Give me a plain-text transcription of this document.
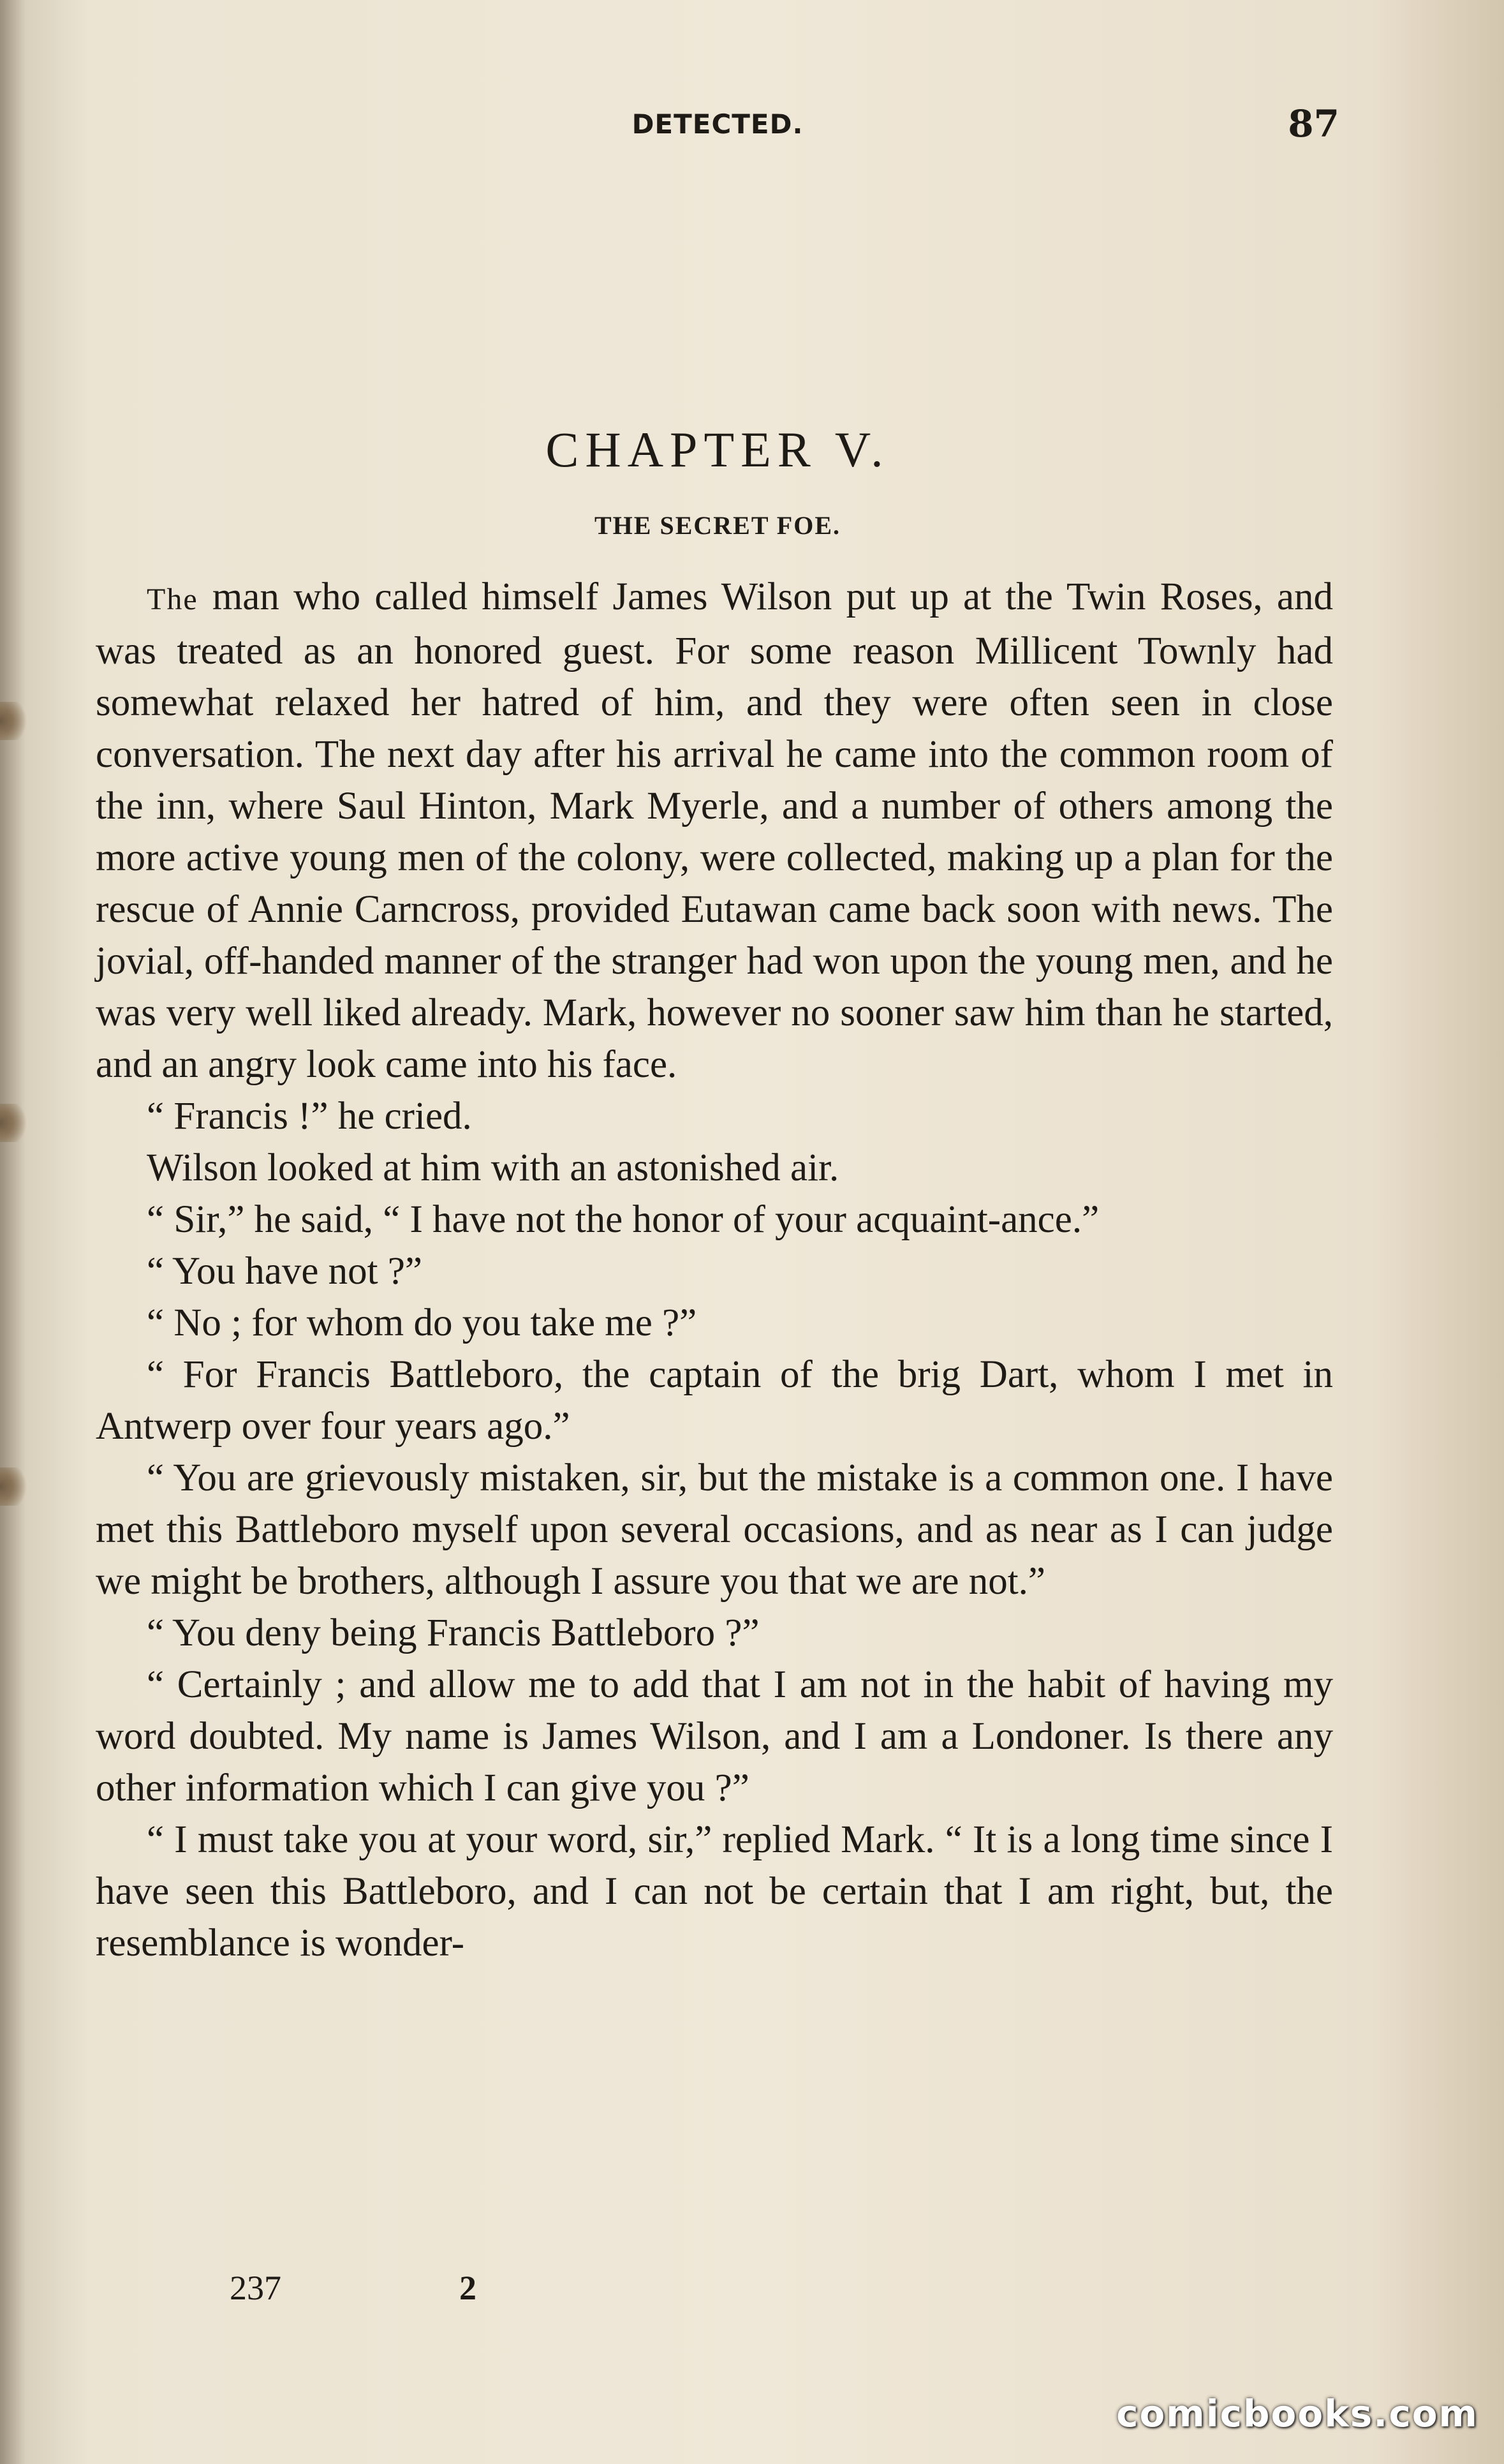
DETECTED.	87
CHAPTER V.
THE SECRET FOE.

The man who called himself James Wilson put up at the Twin Roses, and was treated as an honored guest. For some reason Millicent Townly had somewhat relaxed her hatred of him, and they were often seen in close conversation. The next day after his arrival he came into the common room of the inn, where Saul Hinton, Mark Myerle, and a number of others among the more active young men of the colony, were collected, making up a plan for the rescue of Annie Carncross, provided Eutawan came back soon with news. The jovial, off-handed manner of the stranger had won upon the young men, and he was very well liked already. Mark, however no sooner saw him than he started, and an angry look came into his face.

“ Francis !” he cried.

Wilson looked at him with an astonished air.

“ Sir,” he said, “ I have not the honor of your acquaint-ance.”

“ You have not ?”

“ No ; for whom do you take me ?”

“ For Francis Battleboro, the captain of the brig Dart, whom I met in Antwerp over four years ago.”

“ You are grievously mistaken, sir, but the mistake is a common one. I have met this Battleboro myself upon several occasions, and as near as I can judge we might be brothers, although I assure you that we are not.”

“ You deny being Francis Battleboro ?”

“ Certainly ; and allow me to add that I am not in the habit of having my word doubted. My name is James Wilson, and I am a Londoner. Is there any other information which I can give you ?”

“ I must take you at your word, sir,” replied Mark. “ It is a long time since I have seen this Battleboro, and I can not be certain that I am right, but, the resemblance is wonder-

237	2
comicbooks.com
